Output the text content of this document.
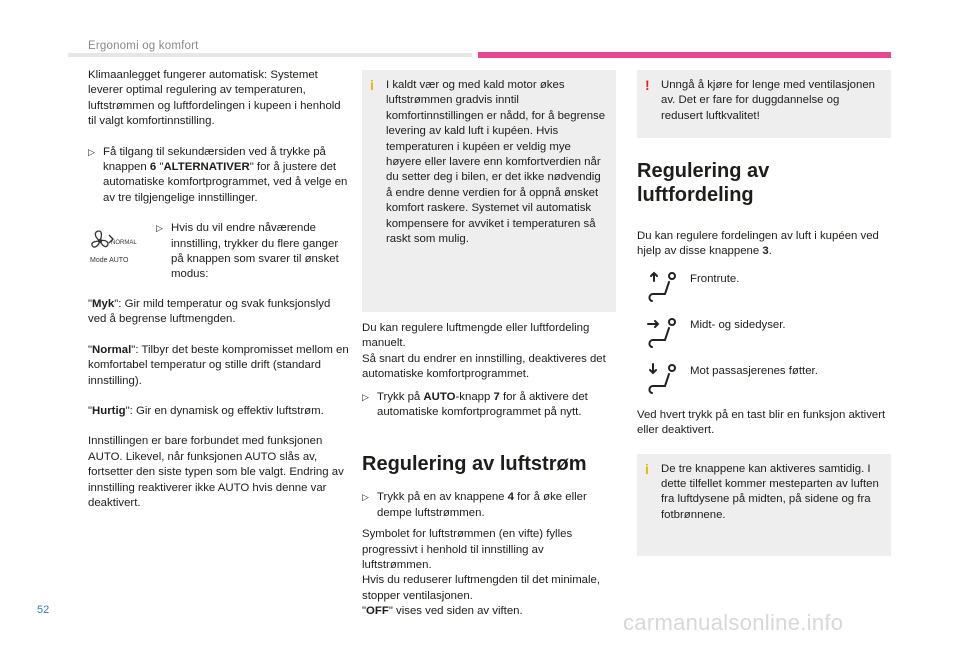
Ergonomi og komfort

Klimaanlegget fungerer automatisk: Systemet leverer optimal regulering av temperaturen, luftstrømmen og luftfordelingen i kupeen i henhold til valgt komfortinnstilling.

▷ Få tilgang til sekundærsiden ved å trykke på knappen 6 "ALTERNATIVER" for å justere det automatiske komfortprogrammet, ved å velge en av tre tilgjengelige innstillinger.
NORMAL
Mode AUTO
▷ Hvis du vil endre nåværende innstilling, trykker du flere ganger på knappen som svarer til ønsket modus:

"Myk": Gir mild temperatur og svak funksjonslyd ved å begrense luftmengden.

"Normal": Tilbyr det beste kompromisset mellom en komfortabel temperatur og stille drift (standard innstilling).

"Hurtig": Gir en dynamisk og effektiv luftstrøm.

Innstillingen er bare forbundet med funksjonen AUTO. Likevel, når funksjonen AUTO slås av, fortsetter den siste typen som ble valgt. Endring av innstilling reaktiverer ikke AUTO hvis denne var deaktivert.

i I kaldt vær og med kald motor økes luftstrømmen gradvis inntil komfortinnstillingen er nådd, for å begrense levering av kald luft i kupéen. Hvis temperaturen i kupéen er veldig mye høyere eller lavere enn komfortverdien når du setter deg i bilen, er det ikke nødvendig å endre denne verdien for å oppnå ønsket komfort raskere. Systemet vil automatisk kompensere for avviket i temperaturen så raskt som mulig.

Du kan regulere luftmengde eller luftfordeling manuelt.

Så snart du endrer en innstilling, deaktiveres det automatiske komfortprogrammet.

▷ Trykk på AUTO-knapp 7 for å aktivere det automatiske komfortprogrammet på nytt.
Regulering av luftstrøm
▷ Trykk på en av knappene 4 for å øke eller dempe luftstrømmen.

Symbolet for luftstrømmen (en vifte) fylles progressivt i henhold til innstilling av luftstrømmen.

Hvis du reduserer luftmengden til det minimale, stopper ventilasjonen.

"OFF" vises ved siden av viften.

! Unngå å kjøre for lenge med ventilasjonen av. Det er fare for duggdannelse og redusert luftkvalitet!

Regulering av luftfordeling

Du kan regulere fordelingen av luft i kupéen ved hjelp av disse knappene 3.

Frontrute.
Midt- og sidedyser.
Mot passasjerenes føtter.

Ved hvert trykk på en tast blir en funksjon aktivert eller deaktivert.

i De tre knappene kan aktiveres samtidig. I dette tilfellet kommer mesteparten av luften fra luftdysene på midten, på sidene og fra fotbrønnene.

52	carmanualsonline.info
